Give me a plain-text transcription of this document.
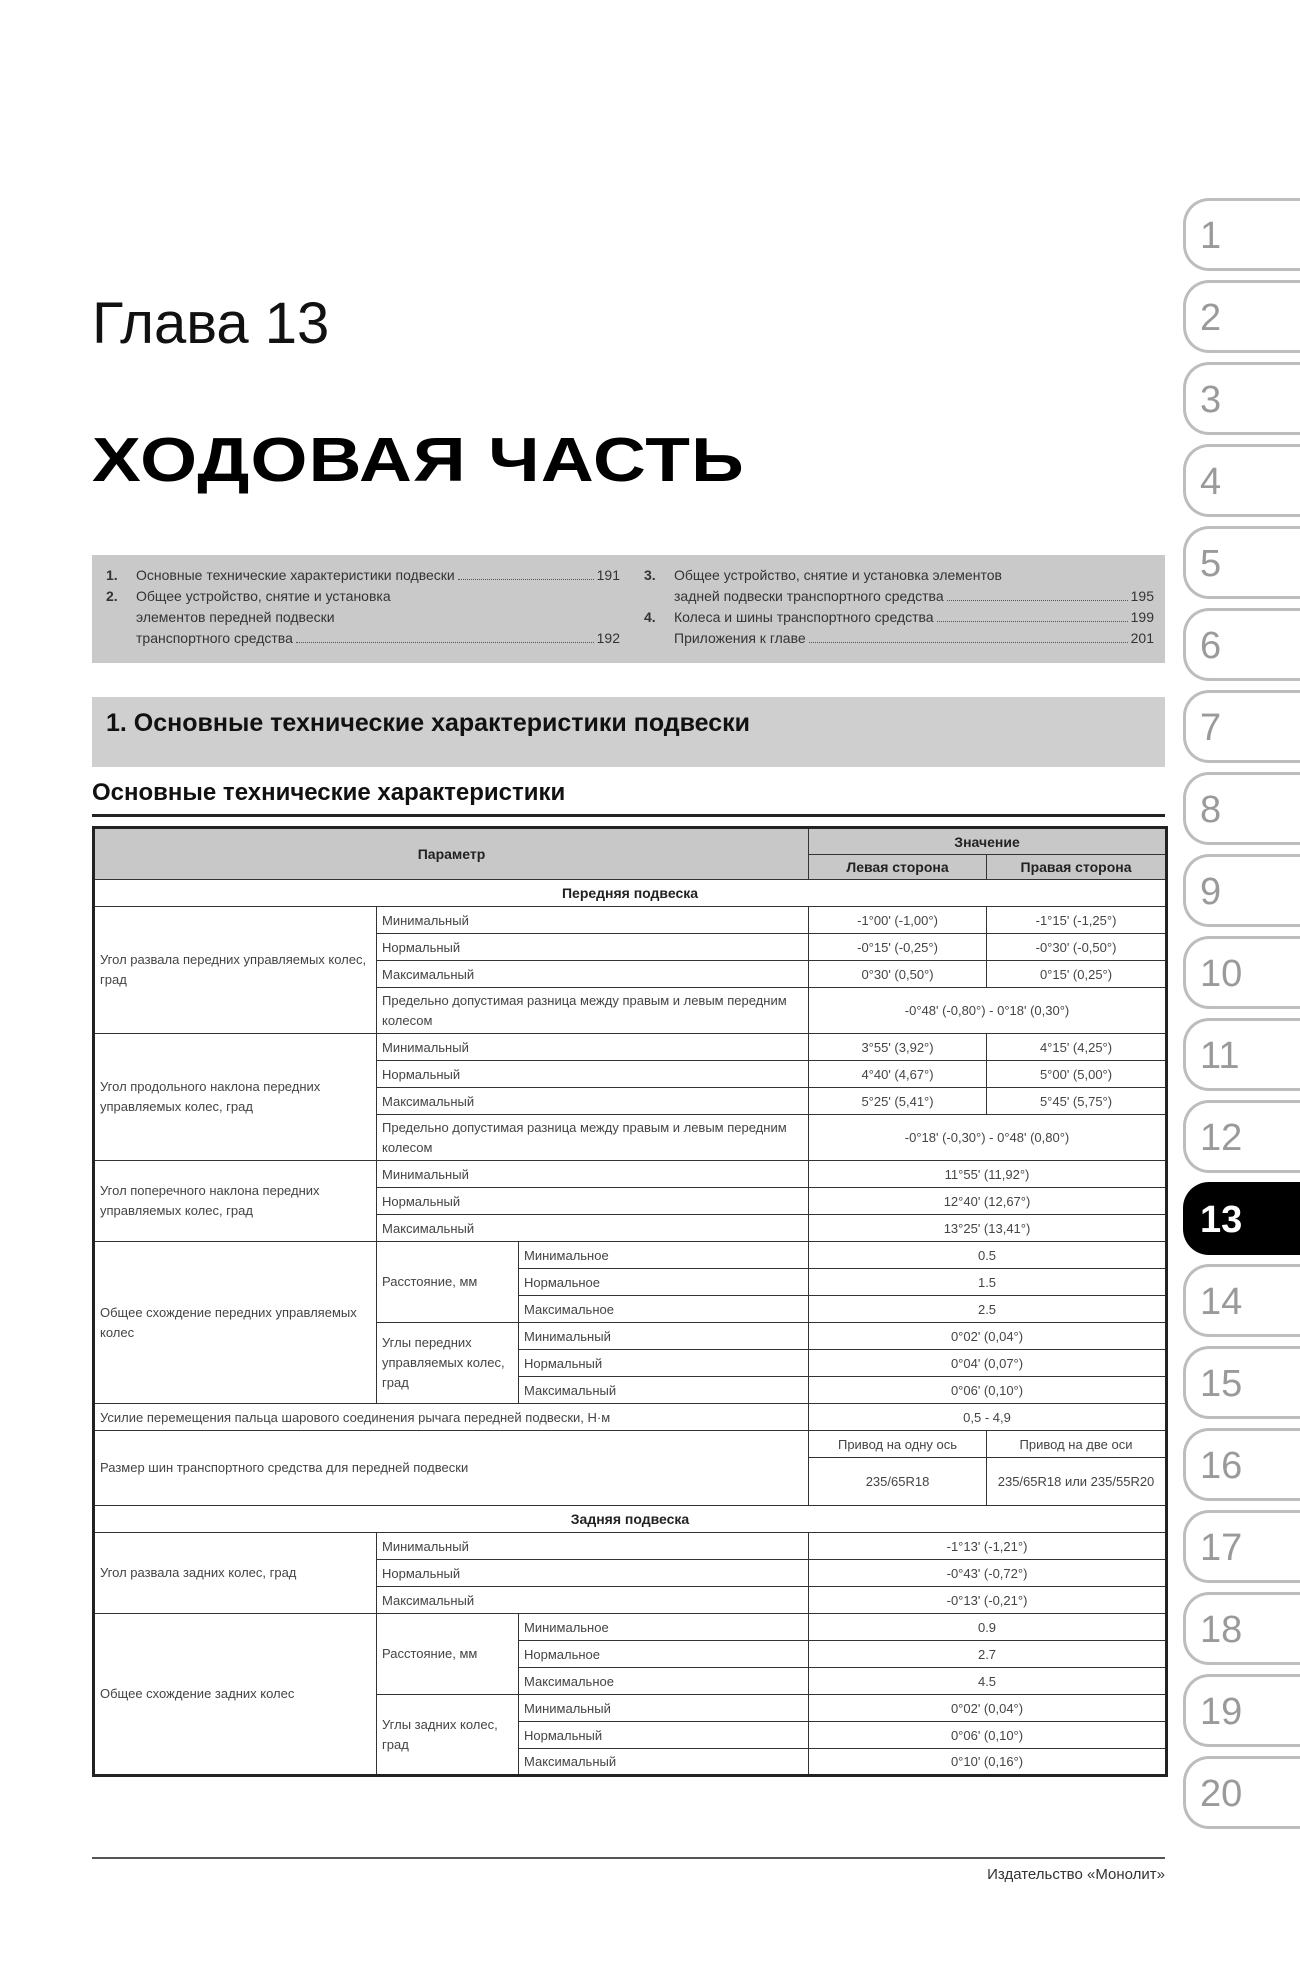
Глава 13
ХОДОВАЯ ЧАСТЬ
1.	Основные технические характеристики подвески	191
2.	Общее устройство, снятие и установка
элементов передней подвески
транспортного средства	192
3.	Общее устройство, снятие и установка элементов
задней подвески транспортного средства	195
4.	Колеса и шины транспортного средства	199
Приложения к главе	201
1. Основные технические характеристики подвески
Основные технические характеристики
Параметр			Значение	
			Левая сторона	Правая сторона
Передняя подвеска				
Угол развала передних управляемых колес, град	Минимальный		-1°00' (-1,00°)	-1°15' (-1,25°)
	Нормальный		-0°15' (-0,25°)	-0°30' (-0,50°)
	Максимальный		0°30' (0,50°)	0°15' (0,25°)
	Предельно допустимая разница между правым и левым передним колесом		-0°48' (-0,80°) - 0°18' (0,30°)	
Угол продольного наклона передних управляемых колес, град	Минимальный		3°55' (3,92°)	4°15' (4,25°)
	Нормальный		4°40' (4,67°)	5°00' (5,00°)
	Максимальный		5°25' (5,41°)	5°45' (5,75°)
	Предельно допустимая разница между правым и левым передним колесом		-0°18' (-0,30°) - 0°48' (0,80°)	
Угол поперечного наклона передних управляемых колес, град	Минимальный		11°55' (11,92°)	
	Нормальный		12°40' (12,67°)	
	Максимальный		13°25' (13,41°)	
Общее схождение передних управляемых колес	Расстояние, мм	Минимальное	0.5	
		Нормальное	1.5	
		Максимальное	2.5	
	Углы передних управляемых колес, град	Минимальный	0°02' (0,04°)	
		Нормальный	0°04' (0,07°)	
		Максимальный	0°06' (0,10°)	
Усилие перемещения пальца шарового соединения рычага передней подвески, Н·м			0,5 - 4,9	
Размер шин транспортного средства для передней подвески			Привод на одну ось	Привод на две оси
			235/65R18	235/65R18 или 235/55R20
Задняя подвеска				
Угол развала задних колес, град	Минимальный		-1°13' (-1,21°)	
	Нормальный		-0°43' (-0,72°)	
	Максимальный		-0°13' (-0,21°)	
Общее схождение задних колес	Расстояние, мм	Минимальное	0.9	
		Нормальное	2.7	
		Максимальное	4.5	
	Углы задних колес, град	Минимальный	0°02' (0,04°)	
		Нормальный	0°06' (0,10°)	
		Максимальный	0°10' (0,16°)	
1
2
3
4
5
6
7
8
9
10
11
12
13
14
15
16
17
18
19
20
Издательство «Монолит»
